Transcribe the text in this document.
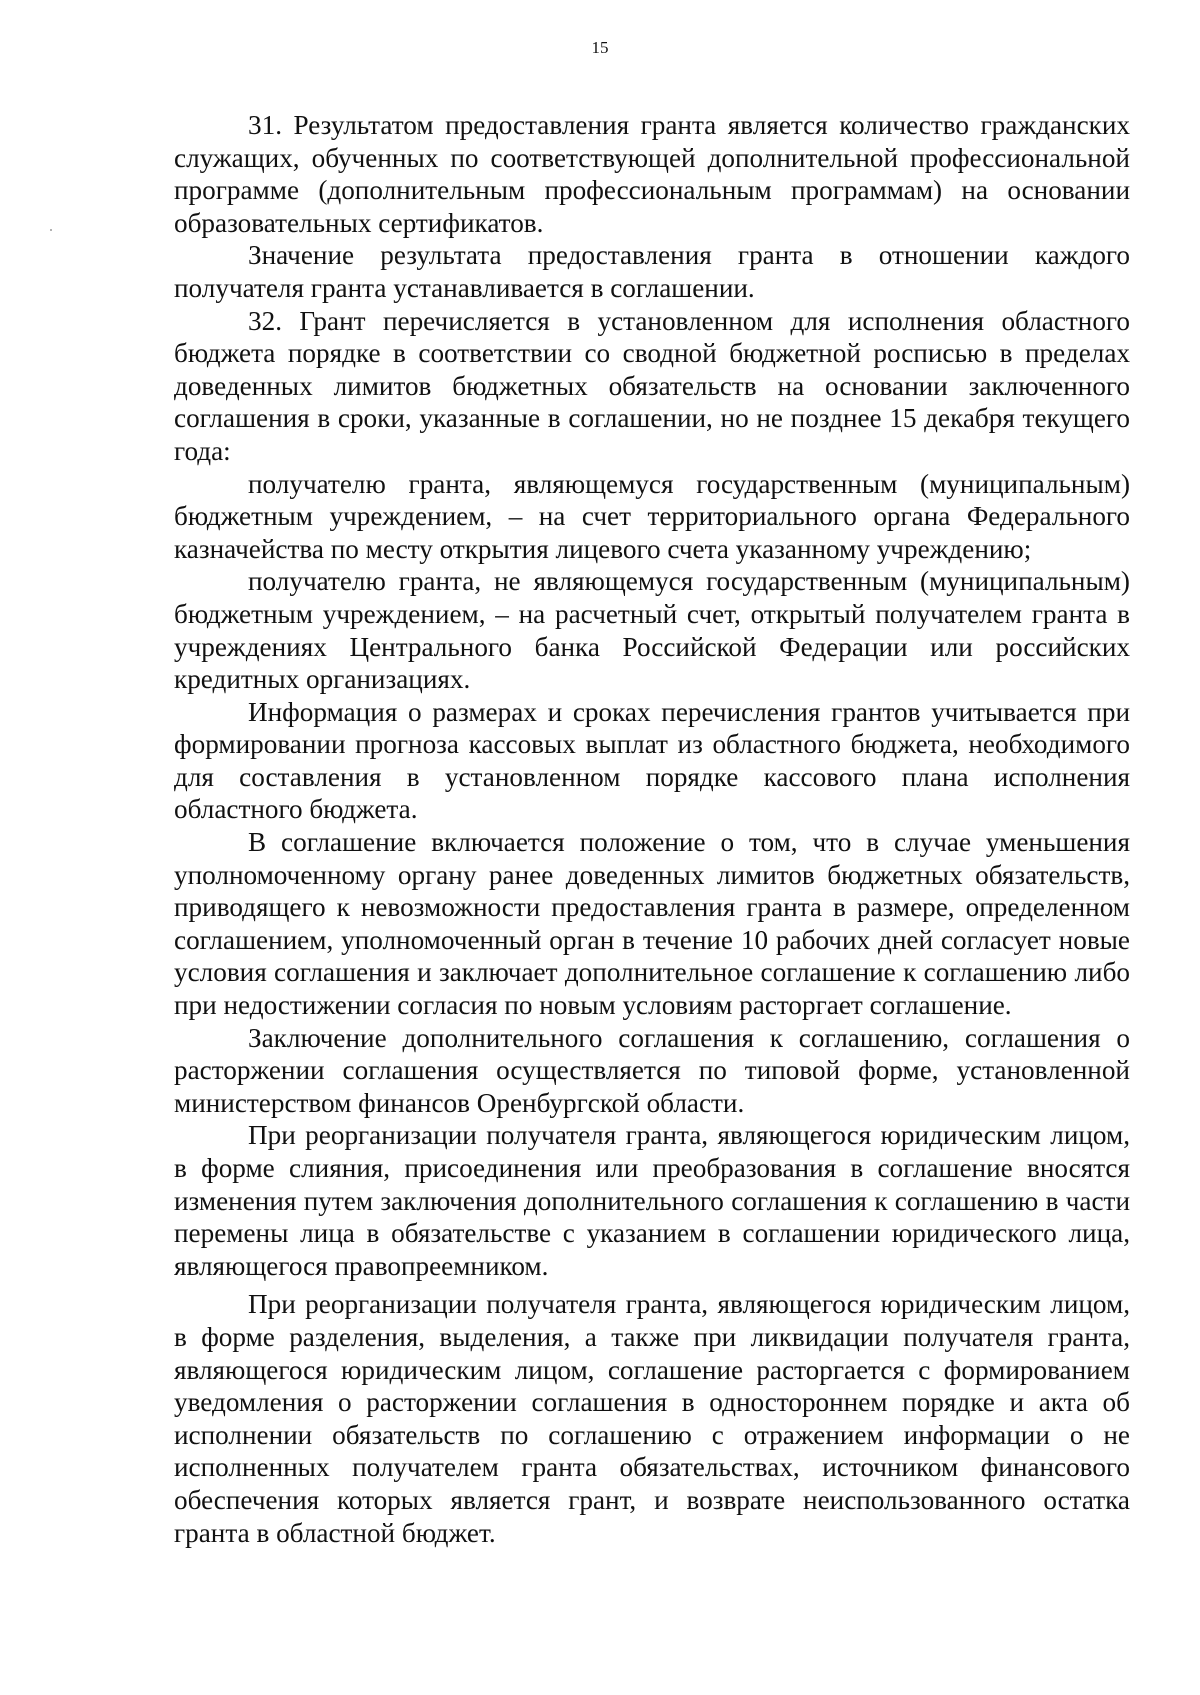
15

31. Результатом предоставления гранта является количество гражданских служащих, обученных по соответствующей дополнительной профессиональной программе (дополнительным профессиональным программам) на основании образовательных сертификатов.

Значение результата предоставления гранта в отношении каждого получателя гранта устанавливается в соглашении.

32. Грант перечисляется в установленном для исполнения областного бюджета порядке в соответствии со сводной бюджетной росписью в пределах доведенных лимитов бюджетных обязательств на основании заключенного соглашения в сроки, указанные в соглашении, но не позднее 15 декабря текущего года:

получателю гранта, являющемуся государственным (муниципальным) бюджетным учреждением, – на счет территориального органа Федерального казначейства по месту открытия лицевого счета указанному учреждению;

получателю гранта, не являющемуся государственным (муниципальным) бюджетным учреждением, – на расчетный счет, открытый получателем гранта в учреждениях Центрального банка Российской Федерации или российских кредитных организациях.

Информация о размерах и сроках перечисления грантов учитывается при формировании прогноза кассовых выплат из областного бюджета, необходимого для составления в установленном порядке кассового плана исполнения областного бюджета.

В соглашение включается положение о том, что в случае уменьшения уполномоченному органу ранее доведенных лимитов бюджетных обязательств, приводящего к невозможности предоставления гранта в размере, определенном соглашением, уполномоченный орган в течение 10 рабочих дней согласует новые условия соглашения и заключает дополнительное соглашение к соглашению либо при недостижении согласия по новым условиям расторгает соглашение.

Заключение дополнительного соглашения к соглашению, соглашения о расторжении соглашения осуществляется по типовой форме, установленной министерством финансов Оренбургской области.

При реорганизации получателя гранта, являющегося юридическим лицом, в форме слияния, присоединения или преобразования в соглашение вносятся изменения путем заключения дополнительного соглашения к соглашению в части перемены лица в обязательстве с указанием в соглашении юридического лица, являющегося правопреемником.

При реорганизации получателя гранта, являющегося юридическим лицом, в форме разделения, выделения, а также при ликвидации получателя гранта, являющегося юридическим лицом, соглашение расторгается с формированием уведомления о расторжении соглашения в одностороннем порядке и акта об исполнении обязательств по соглашению с отражением информации о не исполненных получателем гранта обязательствах, источником финансового обеспечения которых является грант, и возврате неиспользованного остатка гранта в областной бюджет.
